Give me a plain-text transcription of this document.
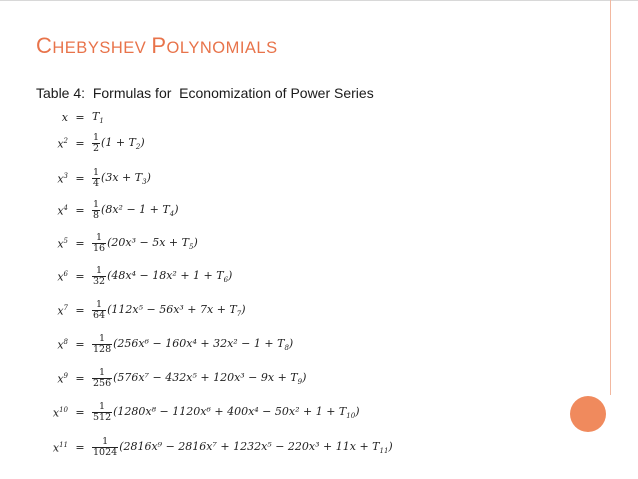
CHEBYSHEV POLYNOMIALS
Table 4:  Formulas for  Economization of Power Series
$x = T_1$
$x^2 = \frac{1}{2} (1 + T_2)$
$x^3 = \frac{1}{4} (3x + T_3)$
$x^4 = \frac{1}{8} (8x^2 - 1 + T_4)$
$x^5 = \frac{1}{16} (20x^3 - 5x + T_5)$
$x^6 = \frac{1}{32} (48x^4 - 18x^2 + 1 + T_6)$
$x^7 = \frac{1}{64} (112x^5 - 56x^3 + 7x + T_7)$
$x^8 = \frac{1}{128} (256x^6 - 160x^4 + 32x^2 - 1 + T_8)$
$x^9 = \frac{1}{256} (576x^7 - 432x^5 + 120x^3 - 9x + T_9)$
$x^{10} = \frac{1}{512} (1280x^8 - 1120x^6 + 400x^4 - 50x^2 + 1 + T_{10})$
$x^{11} = \frac{1}{1024} (2816x^9 - 2816x^7 + 1232x^5 - 220x^3 + 11x + T_{11})$
